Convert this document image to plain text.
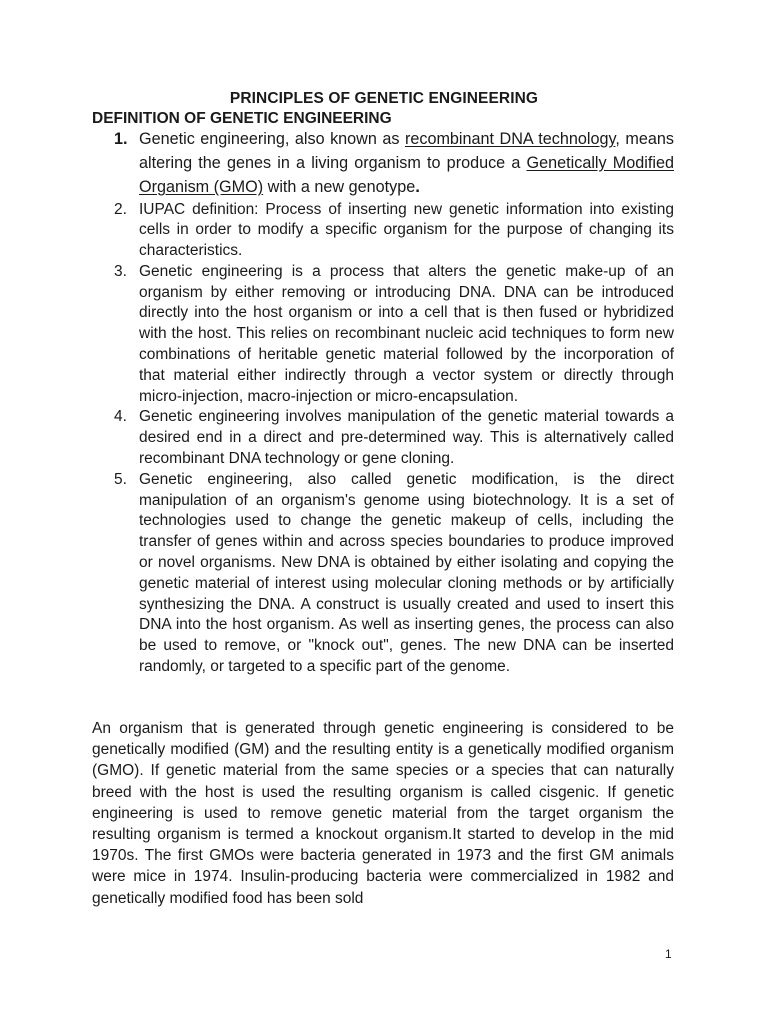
PRINCIPLES OF GENETIC ENGINEERING
DEFINITION OF GENETIC ENGINEERING
1. Genetic engineering, also known as recombinant DNA technology, means altering the genes in a living organism to produce a Genetically Modified Organism (GMO) with a new genotype.
2. IUPAC definition: Process of inserting new genetic information into existing cells in order to modify a specific organism for the purpose of changing its characteristics.
3. Genetic engineering is a process that alters the genetic make-up of an organism by either removing or introducing DNA. DNA can be introduced directly into the host organism or into a cell that is then fused or hybridized with the host. This relies on recombinant nucleic acid techniques to form new combinations of heritable genetic material followed by the incorporation of that material either indirectly through a vector system or directly through micro-injection, macro-injection or micro-encapsulation.
4. Genetic engineering involves manipulation of the genetic material towards a desired end in a direct and pre-determined way. This is alternatively called recombinant DNA technology or gene cloning.
5. Genetic engineering, also called genetic modification, is the direct manipulation of an organism's genome using biotechnology. It is a set of technologies used to change the genetic makeup of cells, including the transfer of genes within and across species boundaries to produce improved or novel organisms. New DNA is obtained by either isolating and copying the genetic material of interest using molecular cloning methods or by artificially synthesizing the DNA. A construct is usually created and used to insert this DNA into the host organism. As well as inserting genes, the process can also be used to remove, or "knock out", genes. The new DNA can be inserted randomly, or targeted to a specific part of the genome.

An organism that is generated through genetic engineering is considered to be genetically modified (GM) and the resulting entity is a genetically modified organism (GMO). If genetic material from the same species or a species that can naturally breed with the host is used the resulting organism is called cisgenic. If genetic engineering is used to remove genetic material from the target organism the resulting organism is termed a knockout organism.It started to develop in the mid 1970s. The first GMOs were bacteria generated in 1973 and the first GM animals were mice in 1974. Insulin-producing bacteria were commercialized in 1982 and genetically modified food has been sold

1
